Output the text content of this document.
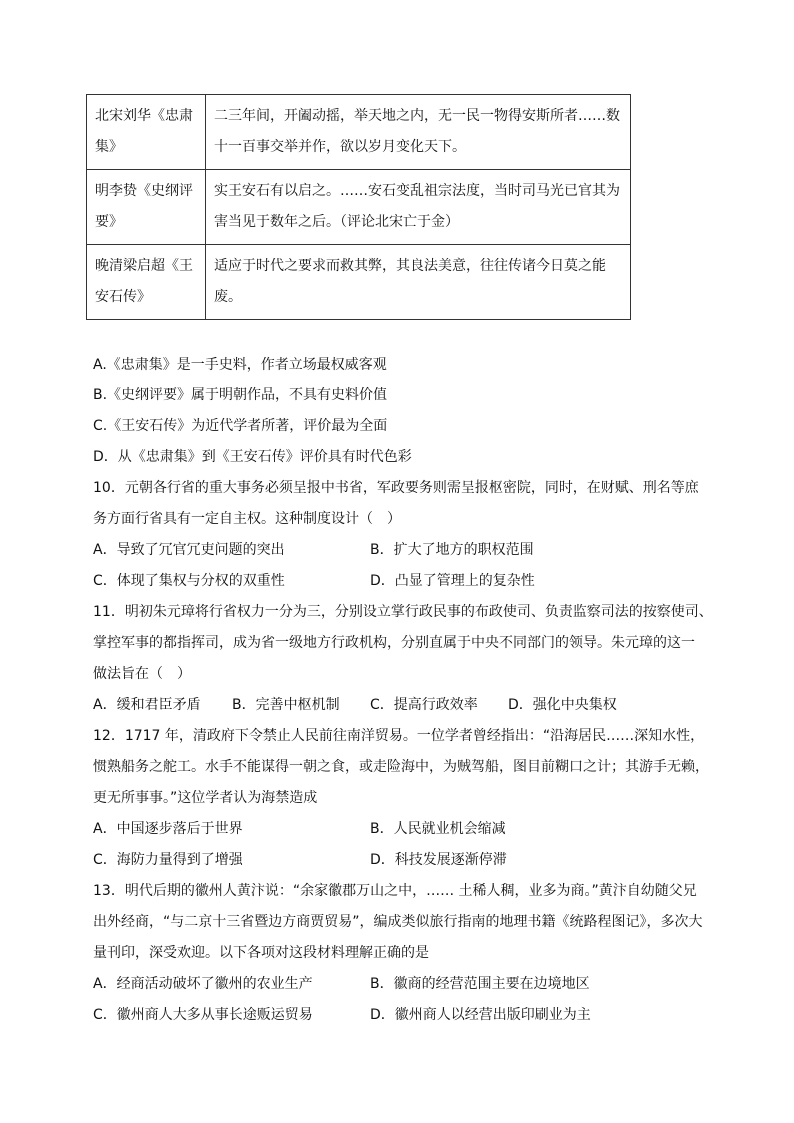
北宋刘华《忠肃集》	二三年间，开阖动摇，举天地之内，无一民一物得安斯所者……数十一百事交举并作，欲以岁月变化天下。
明李贽《史纲评要》	实王安石有以启之。……安石变乱祖宗法度，当时司马光已官其为害当见于数年之后。（评论北宋亡于金）
晚清梁启超《王安石传》	适应于时代之要求而救其弊，其良法美意，往往传诸今日莫之能废。
A.《忠肃集》是一手史料，作者立场最权威客观
B.《史纲评要》属于明朝作品，不具有史料价值
C.《王安石传》为近代学者所著，评价最为全面
D．从《忠肃集》到《王安石传》评价具有时代色彩
10．元朝各行省的重大事务必须呈报中书省，军政要务则需呈报枢密院，同时，在财赋、刑名等庶
务方面行省具有一定自主权。这种制度设计（　）
A．导致了冗官冗吏问题的突出	B．扩大了地方的职权范围
C．体现了集权与分权的双重性	D．凸显了管理上的复杂性
11．明初朱元璋将行省权力一分为三，分别设立掌行政民事的布政使司、负责监察司法的按察使司、
掌控军事的都指挥司，成为省一级地方行政机构，分别直属于中央不同部门的领导。朱元璋的这一
做法旨在（　）
A．缓和君臣矛盾 B．完善中枢机制 C．提高行政效率 D．强化中央集权
12．1717 年，清政府下令禁止人民前往南洋贸易。一位学者曾经指出：“沿海居民……深知水性，
惯熟船务之舵工。水手不能谋得一朝之食，或走险海中，为贼驾船，图目前糊口之计；其游手无赖，
更无所事事。”这位学者认为海禁造成
A．中国逐步落后于世界	B．人民就业机会缩减
C．海防力量得到了增强	D．科技发展逐渐停滞
13．明代后期的徽州人黄汴说：“余家徽郡万山之中，…… 土稀人稠，业多为商。”黄汴自幼随父兄
出外经商，“与二京十三省暨边方商贾贸易”，编成类似旅行指南的地理书籍《统路程图记》，多次大
量刊印，深受欢迎。以下各项对这段材料理解正确的是
A．经商活动破坏了徽州的农业生产	B．徽商的经营范围主要在边境地区
C．徽州商人大多从事长途贩运贸易	D．徽州商人以经营出版印刷业为主
